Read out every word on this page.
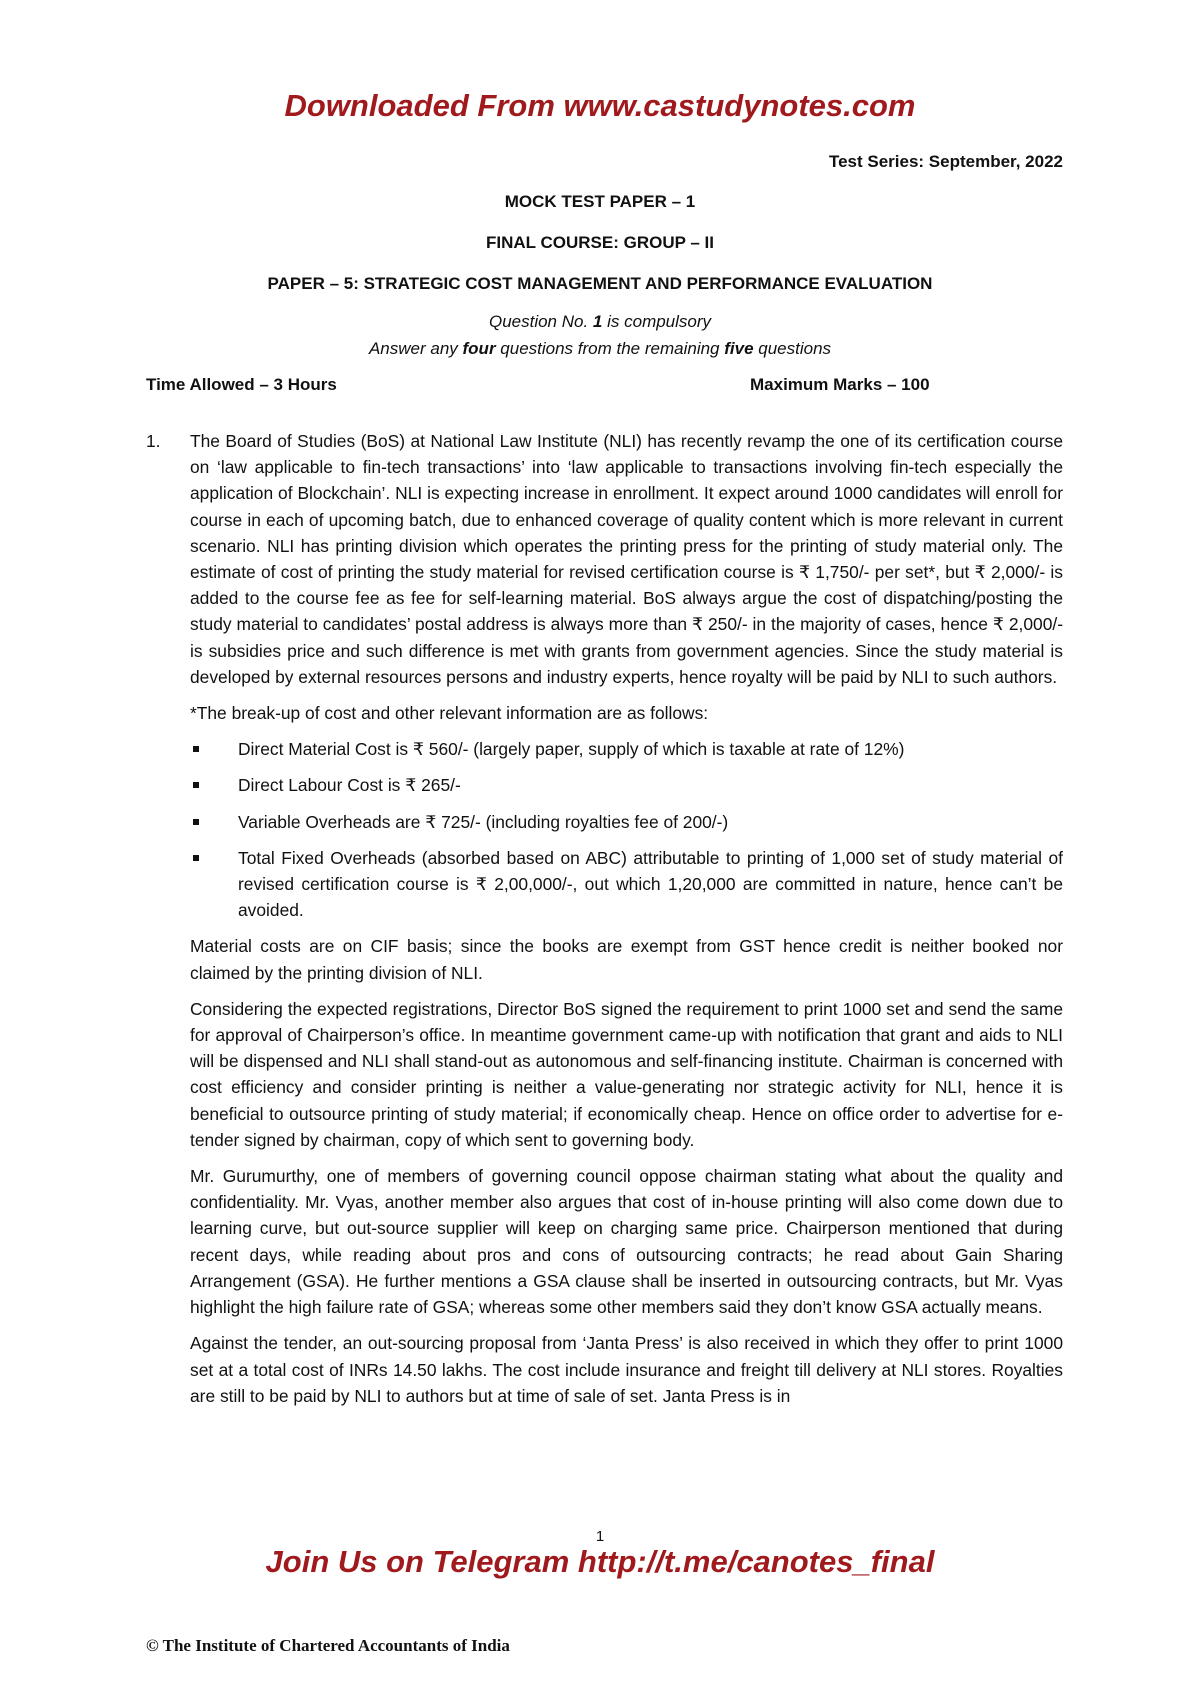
Downloaded From www.castudynotes.com
Test Series: September, 2022
MOCK TEST PAPER – 1
FINAL COURSE: GROUP – II
PAPER – 5: STRATEGIC COST MANAGEMENT AND PERFORMANCE EVALUATION
Question No. 1 is compulsory
Answer any four questions from the remaining five questions
Time Allowed – 3 Hours	Maximum Marks – 100
1. The Board of Studies (BoS) at National Law Institute (NLI) has recently revamp the one of its certification course on ‘law applicable to fin-tech transactions’ into ‘law applicable to transactions involving fin-tech especially the application of Blockchain’. NLI is expecting increase in enrollment. It expect around 1000 candidates will enroll for course in each of upcoming batch, due to enhanced coverage of quality content which is more relevant in current scenario. NLI has printing division which operates the printing press for the printing of study material only. The estimate of cost of printing the study material for revised certification course is ₹ 1,750/- per set*, but ₹ 2,000/- is added to the course fee as fee for self-learning material. BoS always argue the cost of dispatching/posting the study material to candidates’ postal address is always more than ₹ 250/- in the majority of cases, hence ₹ 2,000/- is subsidies price and such difference is met with grants from government agencies. Since the study material is developed by external resources persons and industry experts, hence royalty will be paid by NLI to such authors.

*The break-up of cost and other relevant information are as follows:

Direct Material Cost is ₹ 560/- (largely paper, supply of which is taxable at rate of 12%)
Direct Labour Cost is ₹ 265/-
Variable Overheads are ₹ 725/- (including royalties fee of 200/-)
Total Fixed Overheads (absorbed based on ABC) attributable to printing of 1,000 set of study material of revised certification course is ₹ 2,00,000/-, out which 1,20,000 are committed in nature, hence can’t be avoided.

Material costs are on CIF basis; since the books are exempt from GST hence credit is neither booked nor claimed by the printing division of NLI.

Considering the expected registrations, Director BoS signed the requirement to print 1000 set and send the same for approval of Chairperson’s office. In meantime government came-up with notification that grant and aids to NLI will be dispensed and NLI shall stand-out as autonomous and self-financing institute. Chairman is concerned with cost efficiency and consider printing is neither a value-generating nor strategic activity for NLI, hence it is beneficial to outsource printing of study material; if economically cheap. Hence on office order to advertise for e-tender signed by chairman, copy of which sent to governing body.

Mr. Gurumurthy, one of members of governing council oppose chairman stating what about the quality and confidentiality. Mr. Vyas, another member also argues that cost of in-house printing will also come down due to learning curve, but out-source supplier will keep on charging same price. Chairperson mentioned that during recent days, while reading about pros and cons of outsourcing contracts; he read about Gain Sharing Arrangement (GSA). He further mentions a GSA clause shall be inserted in outsourcing contracts, but Mr. Vyas highlight the high failure rate of GSA; whereas some other members said they don’t know GSA actually means.

Against the tender, an out-sourcing proposal from ‘Janta Press’ is also received in which they offer to print 1000 set at a total cost of INRs 14.50 lakhs. The cost include insurance and freight till delivery at NLI stores. Royalties are still to be paid by NLI to authors but at time of sale of set. Janta Press is in

1
Join Us on Telegram http://t.me/canotes_final
© The Institute of Chartered Accountants of India
